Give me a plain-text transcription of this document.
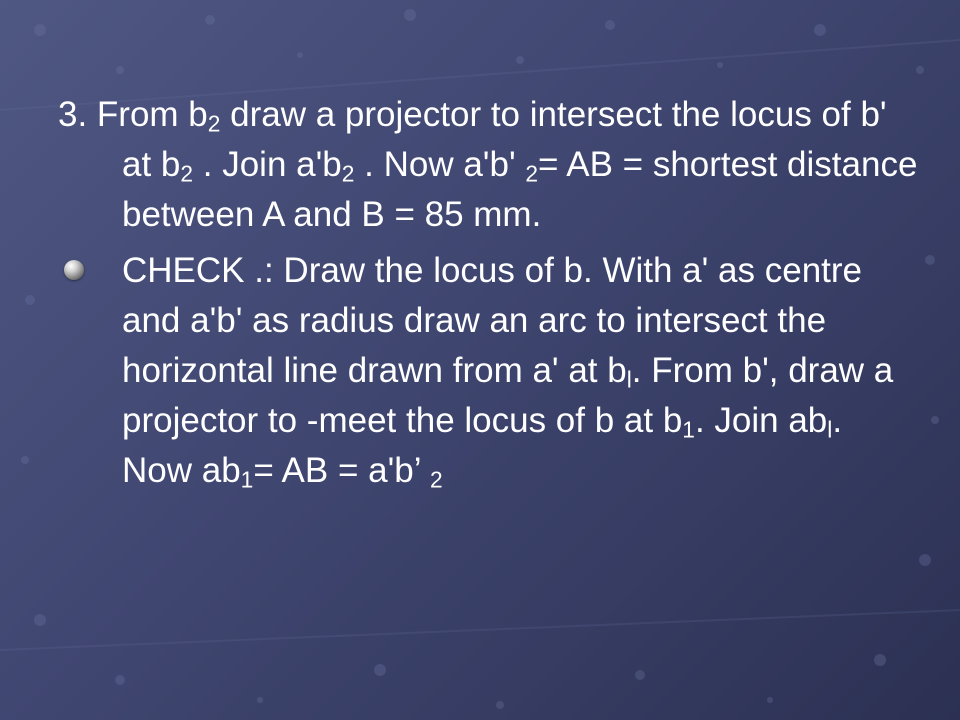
3. From $b_2$ draw a projector to intersect the locus of b' at $b_2$ . Join $a'b_2$ . Now a'b' $_2$= AB = shortest distance between A and B = 85 mm.

CHECK .: Draw the locus of b. With a' as centre and a'b' as radius draw an arc to intersect the horizontal line drawn from a' at $b_l$. From b', draw a projector to -meet the locus of b at $b_1$. Join $ab_l$. Now $ab_1=$ AB = a'b’ $_2$
